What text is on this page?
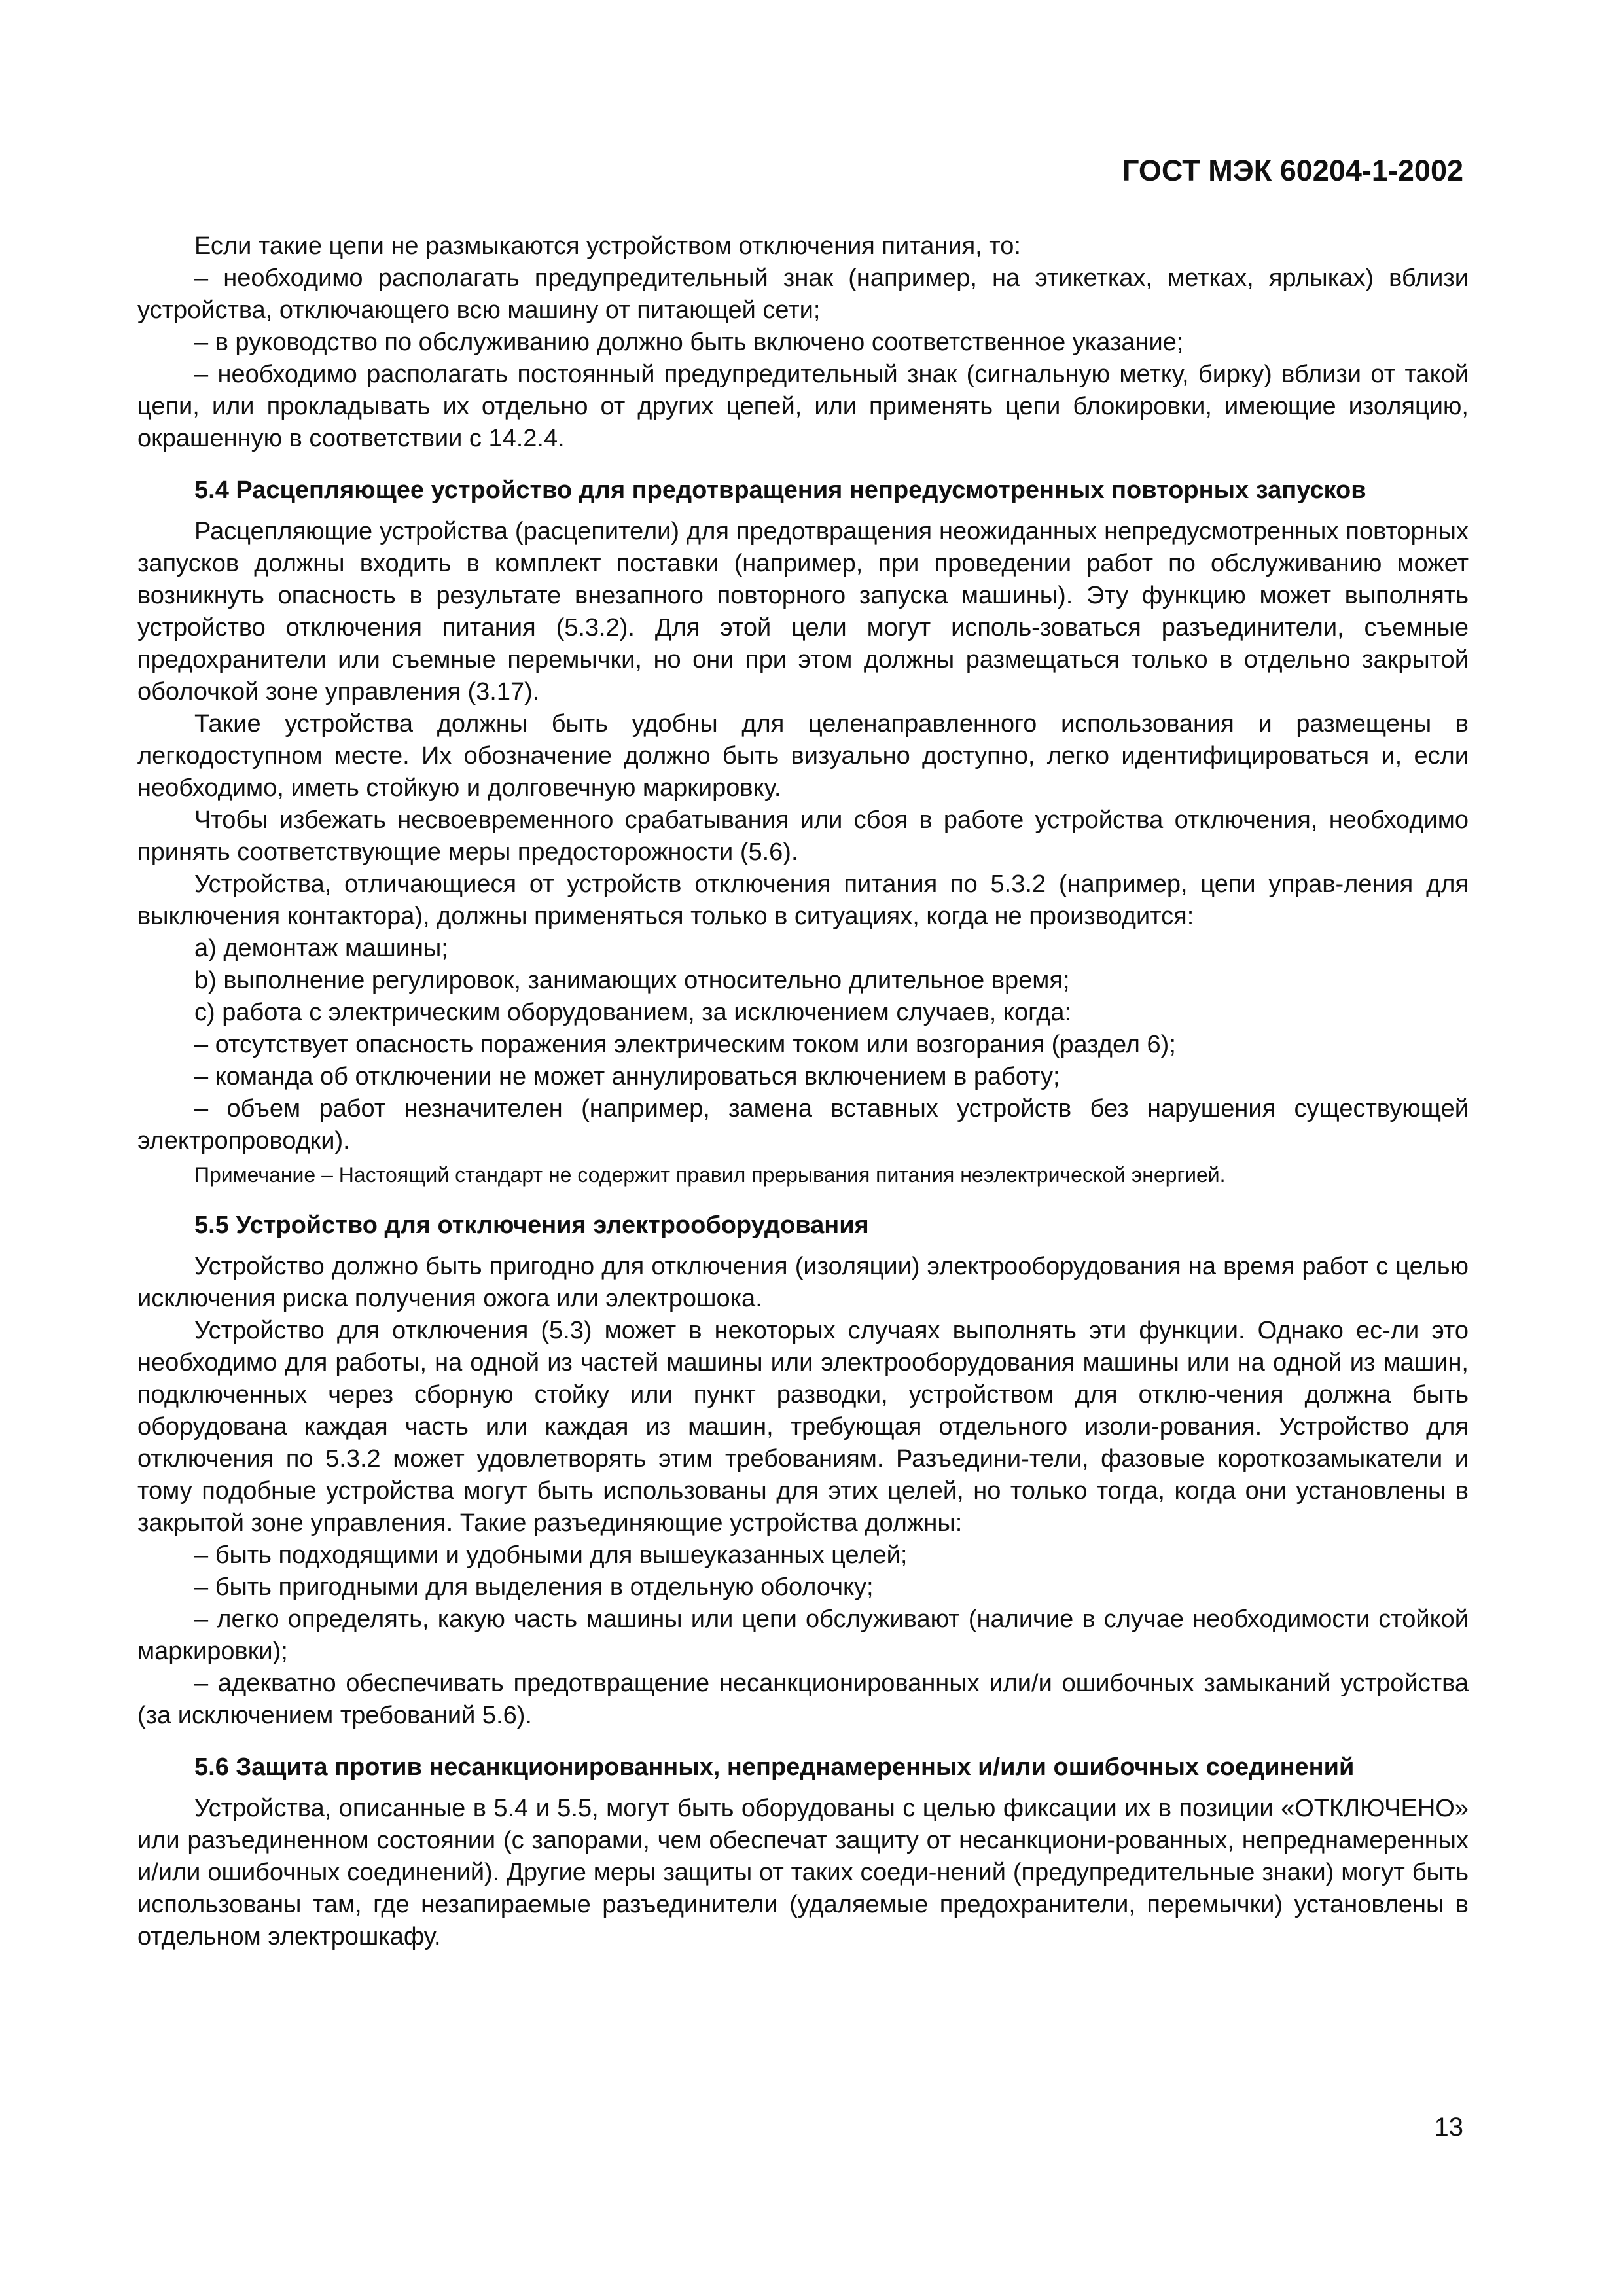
ГОСТ МЭК 60204-1-2002

Если такие цепи не размыкаются устройством отключения питания, то:

– необходимо располагать предупредительный знак (например, на этикетках, метках, ярлыках) вблизи устройства, отключающего всю машину от питающей сети;

– в руководство по обслуживанию должно быть включено соответственное указание;

– необходимо располагать постоянный предупредительный знак (сигнальную метку, бирку) вблизи от такой цепи, или прокладывать их отдельно от других цепей, или применять цепи блокировки, имеющие изоляцию, окрашенную в соответствии с 14.2.4.

5.4 Расцепляющее устройство для предотвращения непредусмотренных повторных запусков

Расцепляющие устройства (расцепители) для предотвращения неожиданных непредусмотренных повторных запусков должны входить в комплект поставки (например, при проведении работ по обслуживанию может возникнуть опасность в результате внезапного повторного запуска машины). Эту функцию может выполнять устройство отключения питания (5.3.2). Для этой цели могут исполь-зоваться разъединители, съемные предохранители или съемные перемычки, но они при этом должны размещаться только в отдельно закрытой оболочкой зоне управления (3.17).

Такие устройства должны быть удобны для целенаправленного использования и размещены в легкодоступном месте. Их обозначение должно быть визуально доступно, легко идентифицироваться и, если необходимо, иметь стойкую и долговечную маркировку.

Чтобы избежать несвоевременного срабатывания или сбоя в работе устройства отключения, необходимо принять соответствующие меры предосторожности (5.6).

Устройства, отличающиеся от устройств отключения питания по 5.3.2 (например, цепи управ-ления для выключения контактора), должны применяться только в ситуациях, когда не производится:

a) демонтаж машины;

b) выполнение регулировок, занимающих относительно длительное время;

c) работа с электрическим оборудованием, за исключением случаев, когда:

– отсутствует опасность поражения электрическим током или возгорания (раздел 6);

– команда об отключении не может аннулироваться включением в работу;

– объем работ незначителен (например, замена вставных устройств без нарушения существующей электропроводки).

Примечание – Настоящий стандарт не содержит правил прерывания питания неэлектрической энергией.

5.5 Устройство для отключения электрооборудования

Устройство должно быть пригодно для отключения (изоляции) электрооборудования на время работ с целью исключения риска получения ожога или электрошока.

Устройство для отключения (5.3) может в некоторых случаях выполнять эти функции. Однако ес-ли это необходимо для работы, на одной из частей машины или электрооборудования машины или на одной из машин, подключенных через сборную стойку или пункт разводки, устройством для отклю-чения должна быть оборудована каждая часть или каждая из машин, требующая отдельного изоли-рования. Устройство для отключения по 5.3.2 может удовлетворять этим требованиям. Разъедини-тели, фазовые короткозамыкатели и тому подобные устройства могут быть использованы для этих целей, но только тогда, когда они установлены в закрытой зоне управления. Такие разъединяющие устройства должны:

– быть подходящими и удобными для вышеуказанных целей;

– быть пригодными для выделения в отдельную оболочку;

– легко определять, какую часть машины или цепи обслуживают (наличие в случае необходимости стойкой маркировки);

– адекватно обеспечивать предотвращение несанкционированных или/и ошибочных замыканий устройства (за исключением требований 5.6).

5.6 Защита против несанкционированных, непреднамеренных и/или ошибочных соединений

Устройства, описанные в 5.4 и 5.5, могут быть оборудованы с целью фиксации их в позиции «ОТКЛЮЧЕНО» или разъединенном состоянии (с запорами, чем обеспечат защиту от несанкциони-рованных, непреднамеренных и/или ошибочных соединений). Другие меры защиты от таких соеди-нений (предупредительные знаки) могут быть использованы там, где незапираемые разъединители (удаляемые предохранители, перемычки) установлены в отдельном электрошкафу.

13
